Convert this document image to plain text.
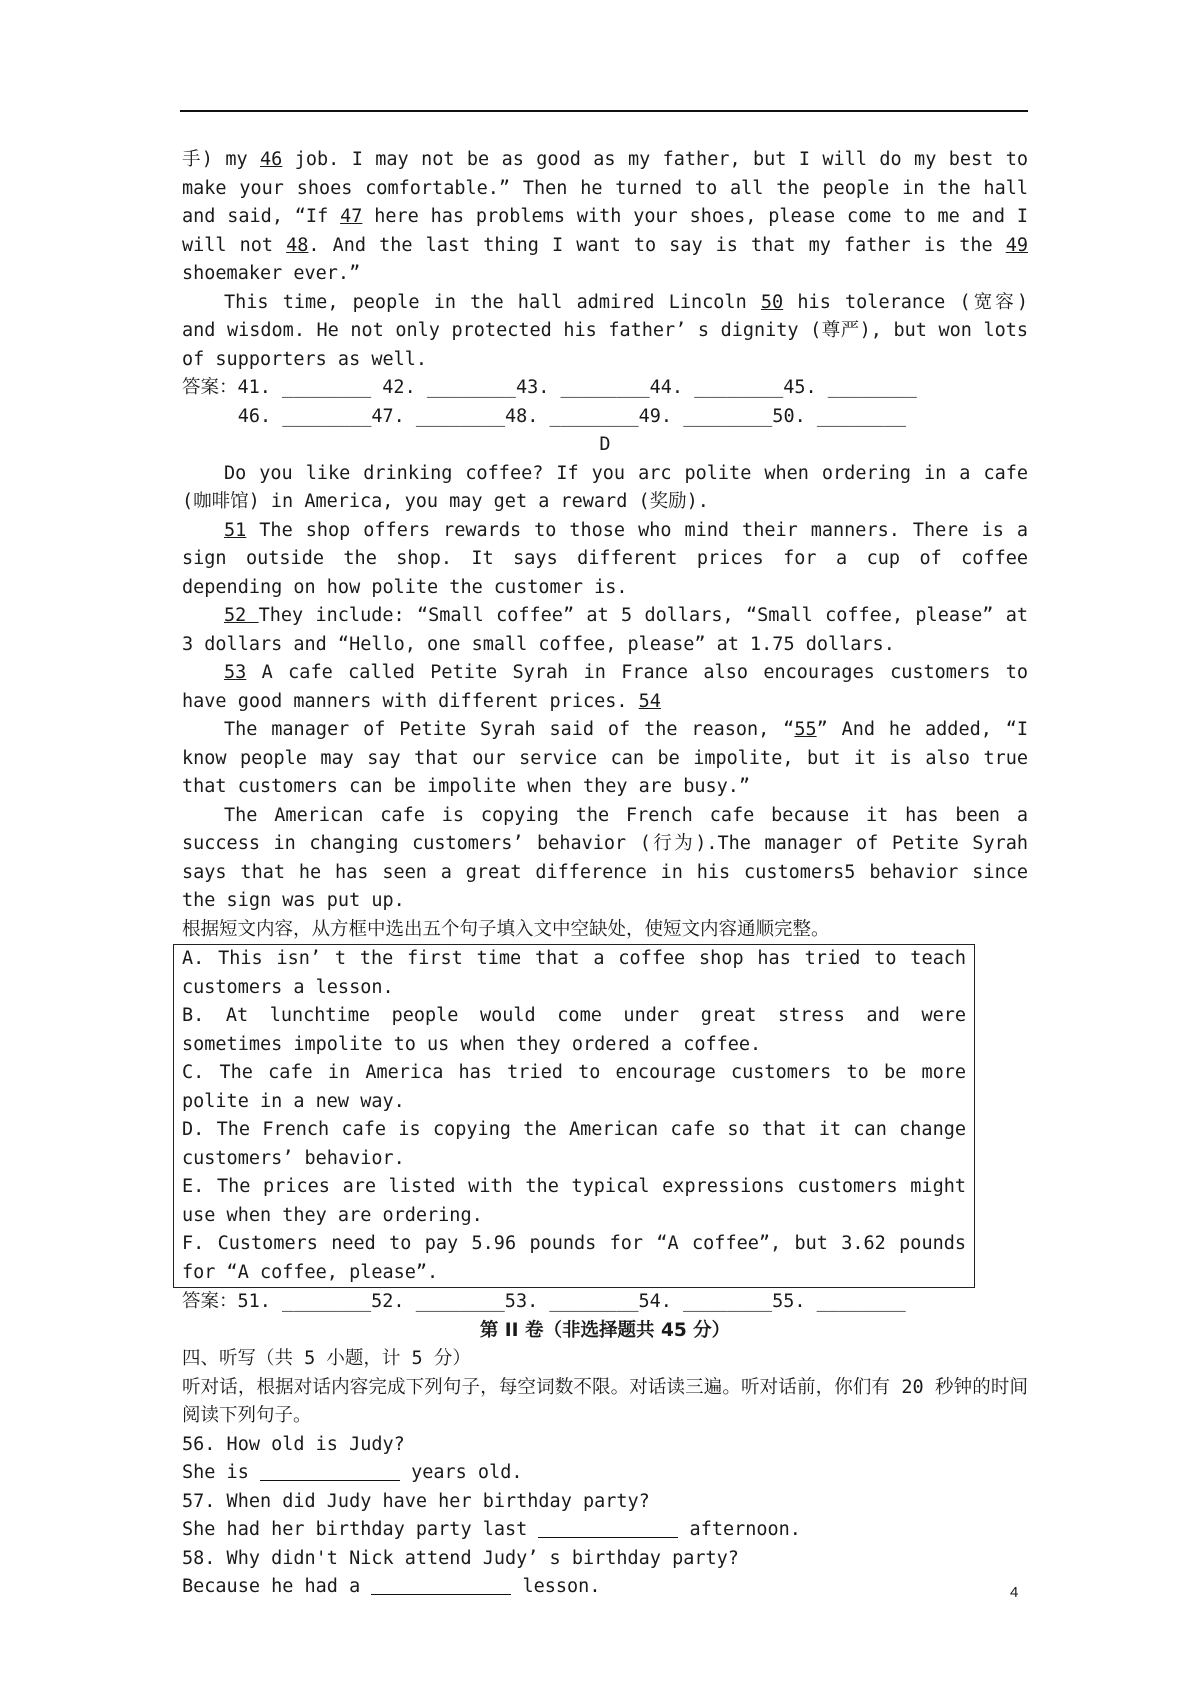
手) my 46 job. I may not be as good as my father, but I will do my best to make your shoes comfortable.” Then he turned to all the people in the hall and said, “If 47 here has problems with your shoes, please come to me and I will not 48. And the last thing I want to say is that my father is the 49 shoemaker ever.”
This time, people in the hall admired Lincoln 50 his tolerance (宽容) and wisdom. He not only protected his father’ s dignity (尊严), but won lots of supporters as well.
答案：41. ________ 42. ________43. ________44. ________45. ________
46. ________47. ________48. ________49. ________50. ________
D
Do you like drinking coffee? If you arc polite when ordering in a cafe (咖啡馆) in America, you may get a reward (奖励).
51 The shop offers rewards to those who mind their manners. There is a sign outside the shop. It says different prices for a cup of coffee depending on how polite the customer is.
52 They include: “Small coffee” at 5 dollars, “Small coffee, please” at 3 dollars and “Hello, one small coffee, please” at 1.75 dollars.
53 A cafe called Petite Syrah in France also encourages customers to have good manners with different prices. 54
The manager of Petite Syrah said of the reason, “55” And he added, “I know people may say that our service can be impolite, but it is also true that customers can be impolite when they are busy.”
The American cafe is copying the French cafe because it has been a success in changing customers’ behavior (行为).The manager of Petite Syrah says that he has seen a great difference in his customers5 behavior since the sign was put up.
根据短文内容，从方框中选出五个句子填入文中空缺处，使短文内容通顺完整。
A. This isn’ t the first time that a coffee shop has tried to teach customers a lesson.
B. At lunchtime people would come under great stress and were sometimes impolite to us when they ordered a coffee.
C. The cafe in America has tried to encourage customers to be more polite in a new way.
D. The French cafe is copying the American cafe so that it can change customers’ behavior.
E. The prices are listed with the typical expressions customers might use when they are ordering.
F. Customers need to pay 5.96 pounds for “A coffee”, but 3.62 pounds for “A coffee, please”.
答案：51. ________52. ________53. ________54. ________55. ________
第 II 卷（非选择题共 45 分）
四、听写（共 5 小题，计 5 分）
听对话，根据对话内容完成下列句子，每空词数不限。对话读三遍。听对话前，你们有 20 秒钟的时间阅读下列句子。
56. How old is Judy?
She is	years old.
57. When did Judy have her birthday party?
She had her birthday party last	afternoon.
58. Why didn't Nick attend Judy’ s birthday party?
Because he had a	lesson.	4
